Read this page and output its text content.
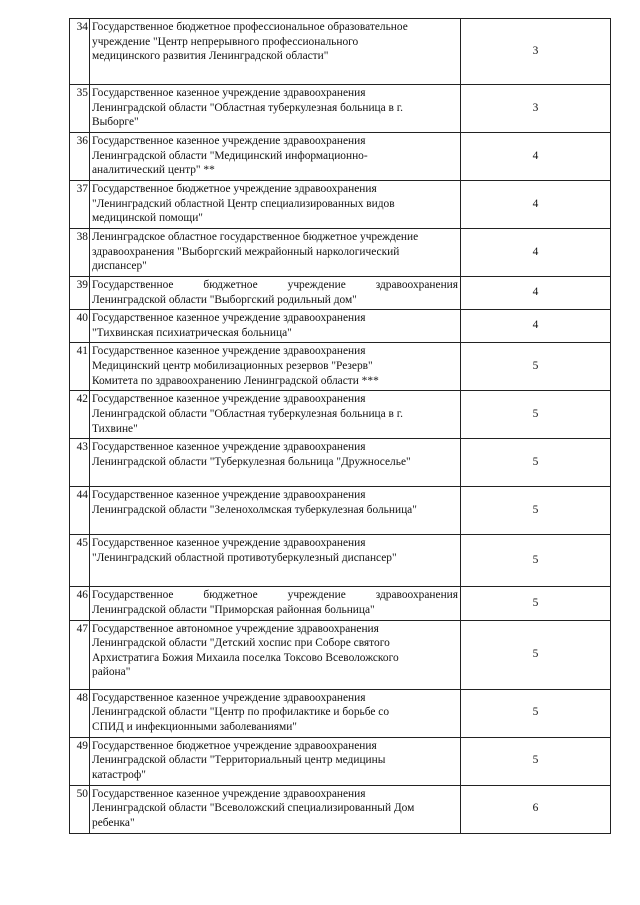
34	Государственное бюджетное профессиональное образовательное
учреждение "Центр непрерывного профессионального
медицинского развития Ленинградской области"	3
35	Государственное казенное учреждение здравоохранения
Ленинградской области "Областная туберкулезная больница в г.
Выборге"	3
36	Государственное казенное учреждение здравоохранения
Ленинградской области "Медицинский информационно-
аналитический центр" **	4
37	Государственное бюджетное учреждение здравоохранения
"Ленинградский областной Центр специализированных видов
медицинской помощи"	4
38	Ленинградское областное государственное бюджетное учреждение
здравоохранения "Выборгский межрайонный наркологический
диспансер"	4
39	Государственное бюджетное учреждение здравоохранения
Ленинградской области "Выборгский родильный дом"	4
40	Государственное казенное учреждение здравоохранения
"Тихвинская психиатрическая больница"	4
41	Государственное казенное учреждение здравоохранения
Медицинский центр мобилизационных резервов "Резерв"
Комитета по здравоохранению Ленинградской области ***	5
42	Государственное казенное учреждение здравоохранения
Ленинградской области "Областная туберкулезная больница в г.
Тихвине"	5
43	Государственное казенное учреждение здравоохранения
Ленинградской области "Туберкулезная больница "Дружноселье"	5
44	Государственное казенное учреждение здравоохранения
Ленинградской области "Зеленохолмская туберкулезная больница"	5
45	Государственное казенное учреждение здравоохранения
"Ленинградский областной противотуберкулезный диспансер"	5
46	Государственное бюджетное учреждение здравоохранения
Ленинградской области "Приморская районная больница"	5
47	Государственное автономное учреждение здравоохранения
Ленинградской области "Детский хоспис при Соборе святого
Архистратига Божия Михаила поселка Токсово Всеволожского
района"	5
48	Государственное казенное учреждение здравоохранения
Ленинградской области "Центр по профилактике и борьбе со
СПИД и инфекционными заболеваниями"	5
49	Государственное бюджетное учреждение здравоохранения
Ленинградской области "Территориальный центр медицины
катастроф"	5
50	Государственное казенное учреждение здравоохранения
Ленинградской области "Всеволожский специализированный Дом
ребенка"	6
